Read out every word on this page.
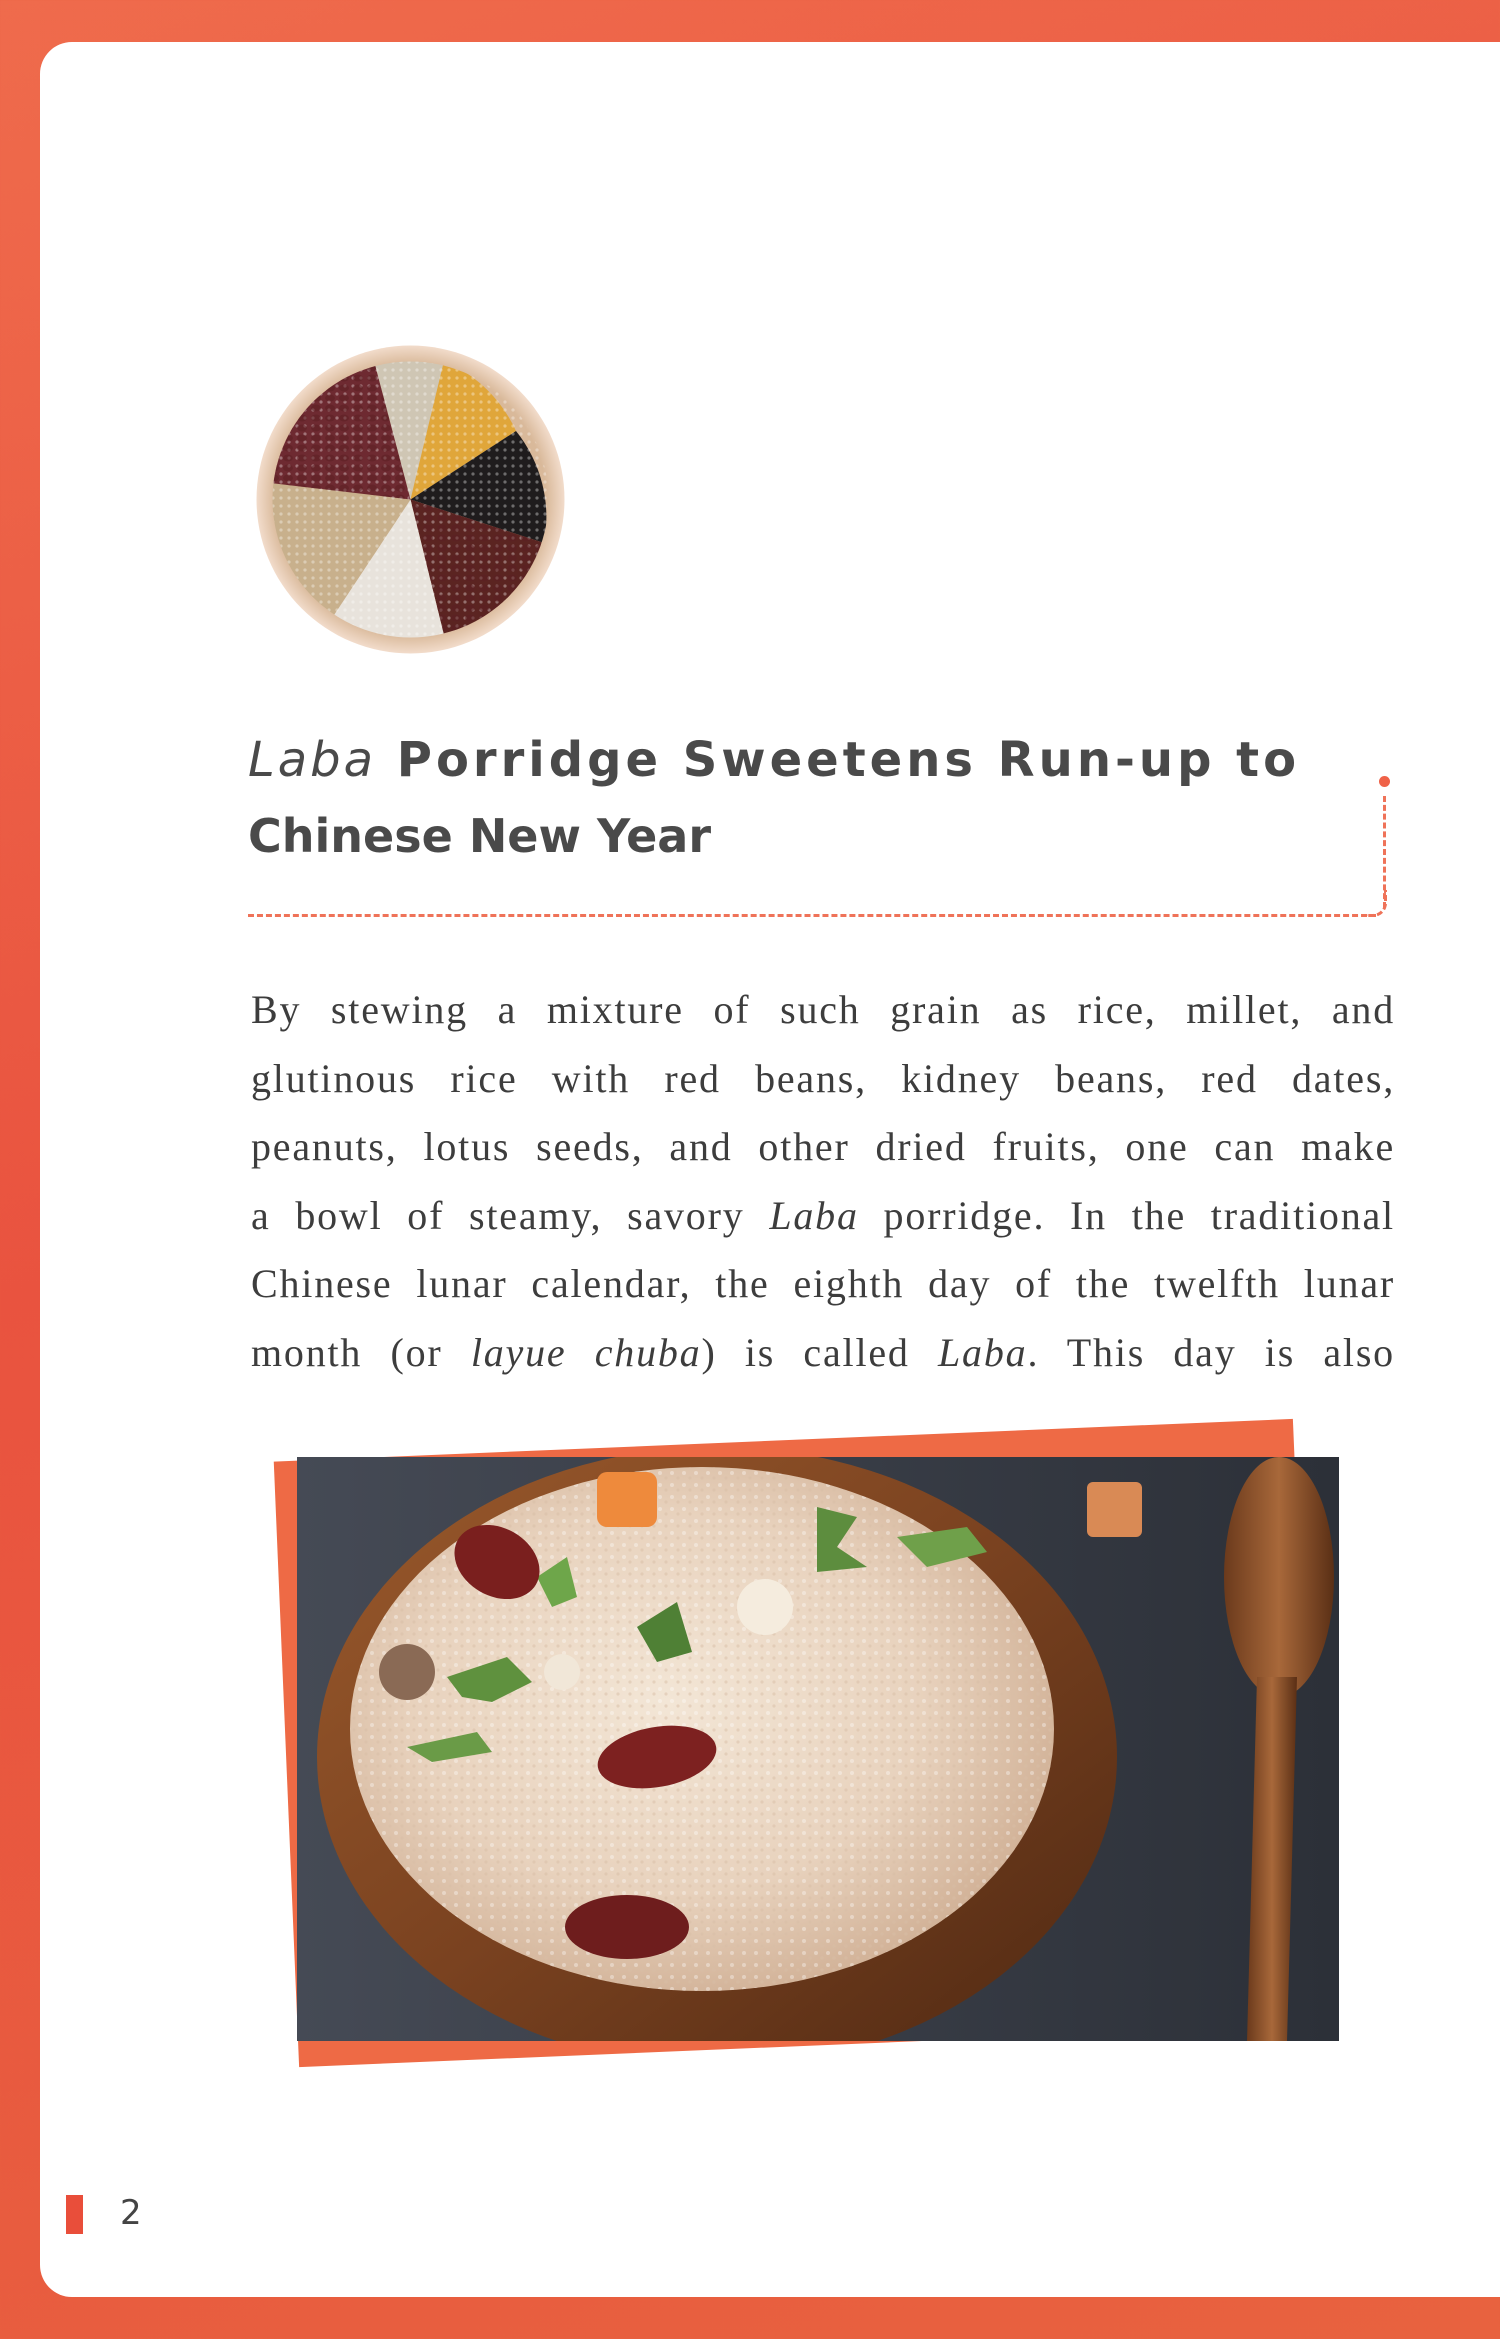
Laba Porridge Sweetens Run-up to
Chinese New Year

By stewing a mixture of such grain as rice, millet, and
glutinous rice with red beans, kidney beans, red dates,
peanuts, lotus seeds, and other dried fruits, one can make
a bowl of steamy, savory Laba porridge. In the traditional
Chinese lunar calendar, the eighth day of the twelfth lunar
month (or layue chuba) is called Laba. This day is also

2
